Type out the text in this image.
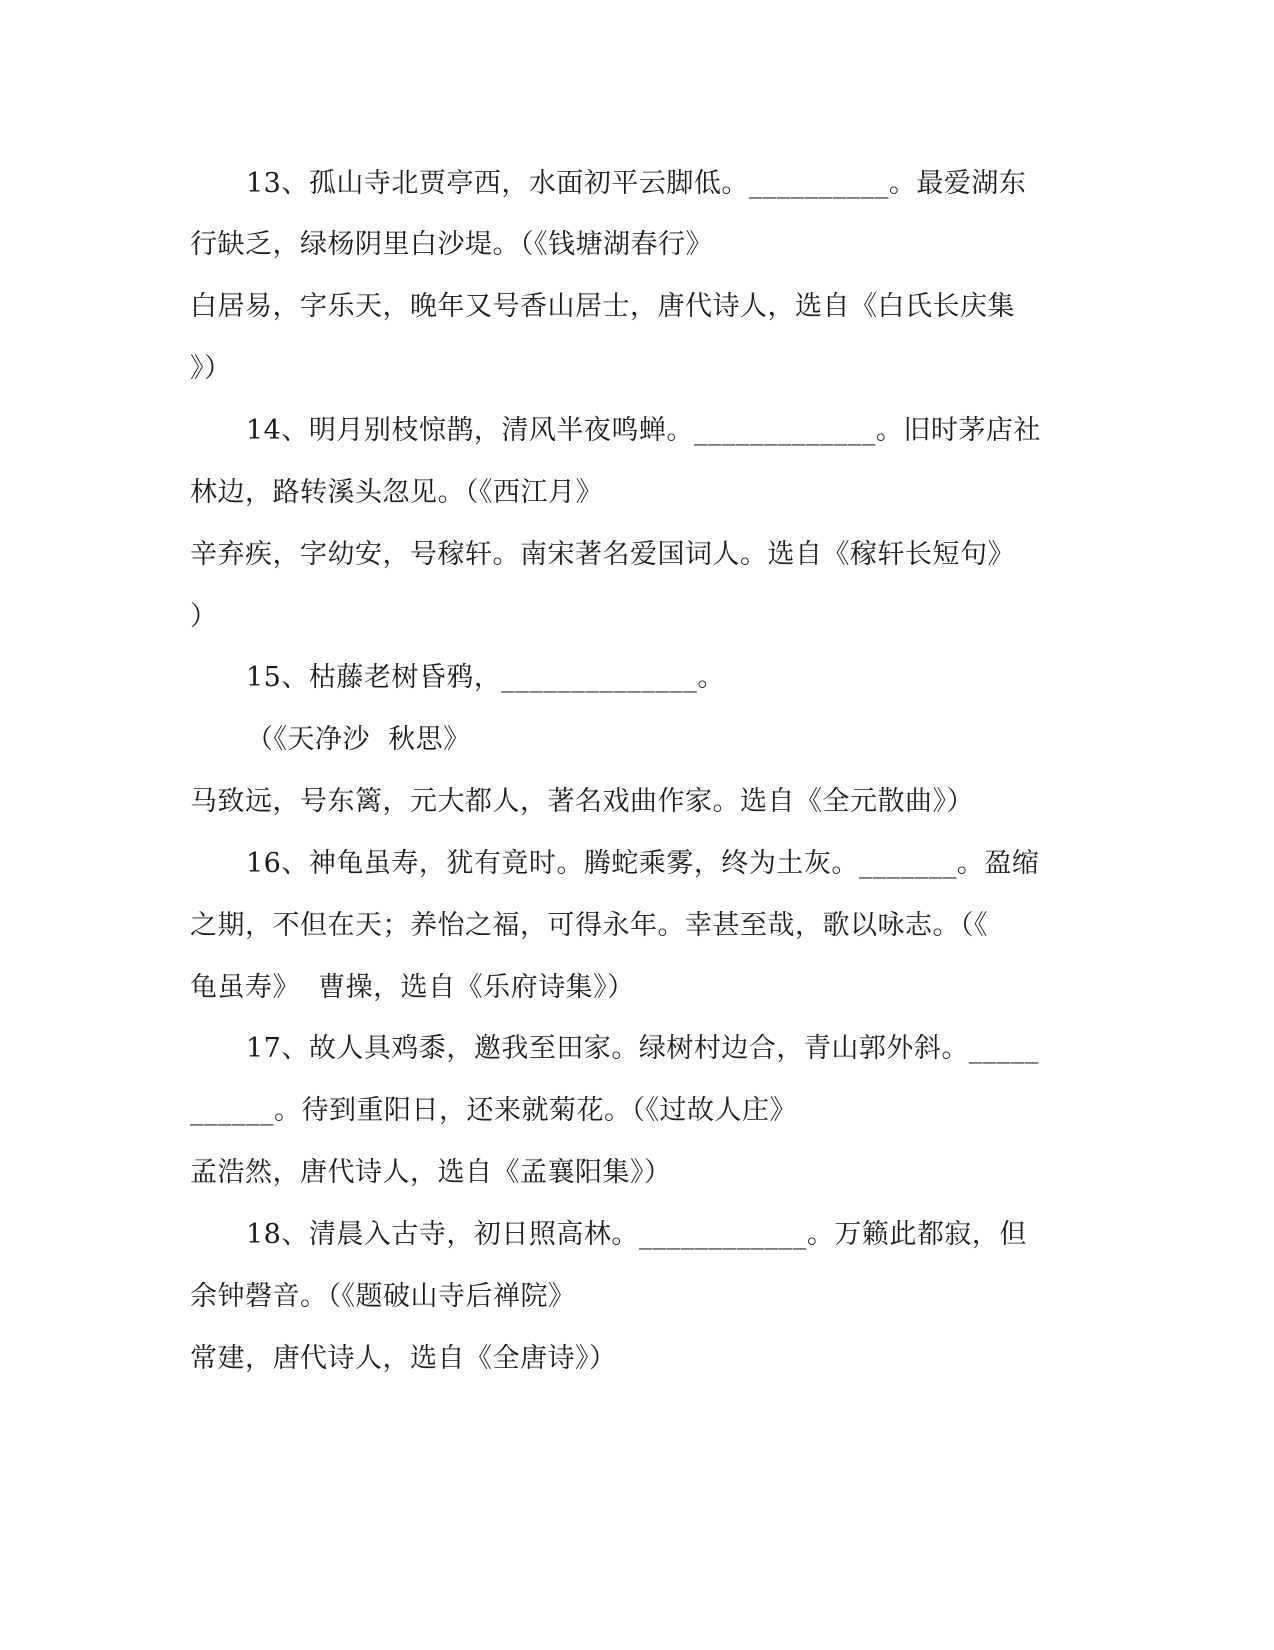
13、孤山寺北贾亭西，水面初平云脚低。__________。最爱湖东
行缺乏，绿杨阴里白沙堤。（《钱塘湖春行》
白居易，字乐天，晚年又号香山居士，唐代诗人，选自《白氏长庆集
》）
14、明月别枝惊鹊，清风半夜鸣蝉。_____________。旧时茅店社
林边，路转溪头忽见。（《西江月》
辛弃疾，字幼安，号稼轩。南宋著名爱国词人。选自《稼轩长短句》
）
15、枯藤老树昏鸦，______________。
（《天净沙  秋思》
马致远，号东篱，元大都人，著名戏曲作家。选自《全元散曲》）
16、神龟虽寿，犹有竟时。腾蛇乘雾，终为土灰。_______。盈缩
之期，不但在天；养怡之福，可得永年。幸甚至哉，歌以咏志。（《
龟虽寿》  曹操，选自《乐府诗集》）
17、故人具鸡黍，邀我至田家。绿树村边合，青山郭外斜。_____
______。待到重阳日，还来就菊花。（《过故人庄》
孟浩然，唐代诗人，选自《孟襄阳集》）
18、清晨入古寺，初日照高林。____________。万籁此都寂，但
余钟磬音。（《题破山寺后禅院》
常建，唐代诗人，选自《全唐诗》）
